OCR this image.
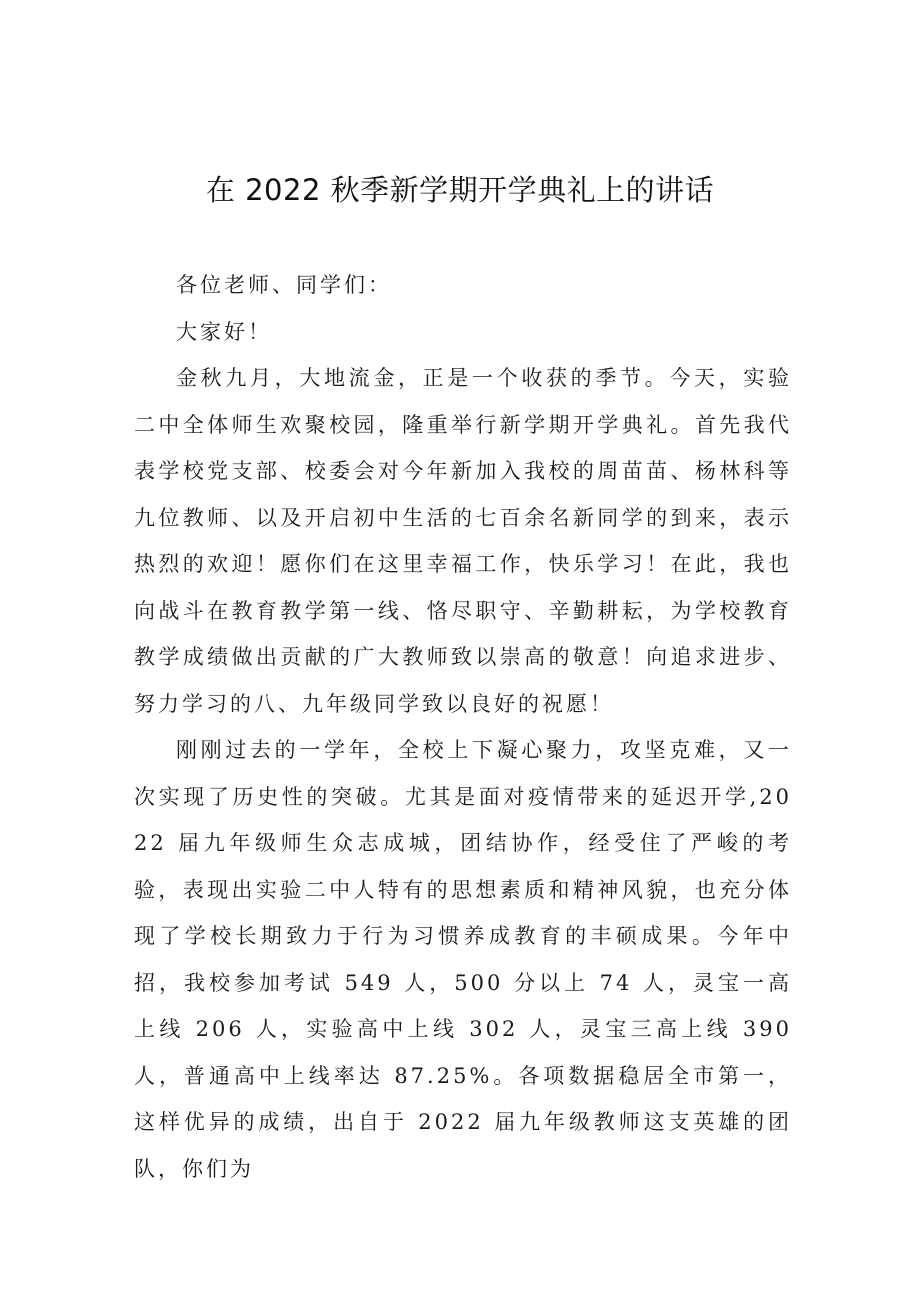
在 2022 秋季新学期开学典礼上的讲话

各位老师、同学们：

大家好！

金秋九月，大地流金，正是一个收获的季节。今天，实验二中全体师生欢聚校园，隆重举行新学期开学典礼。首先我代表学校党支部、校委会对今年新加入我校的周苗苗、杨林科等九位教师、以及开启初中生活的七百余名新同学的到来，表示热烈的欢迎！愿你们在这里幸福工作，快乐学习！在此，我也向战斗在教育教学第一线、恪尽职守、辛勤耕耘，为学校教育教学成绩做出贡献的广大教师致以崇高的敬意！向追求进步、努力学习的八、九年级同学致以良好的祝愿！

刚刚过去的一学年，全校上下凝心聚力，攻坚克难，又一次实现了历史性的突破。尤其是面对疫情带来的延迟开学,2022 届九年级师生众志成城，团结协作，经受住了严峻的考验，表现出实验二中人特有的思想素质和精神风貌，也充分体现了学校长期致力于行为习惯养成教育的丰硕成果。今年中招，我校参加考试 549 人，500 分以上 74 人，灵宝一高上线 206 人，实验高中上线 302 人，灵宝三高上线 390 人，普通高中上线率达 87.25%。各项数据稳居全市第一，这样优异的成绩，出自于 2022 届九年级教师这支英雄的团队，你们为
